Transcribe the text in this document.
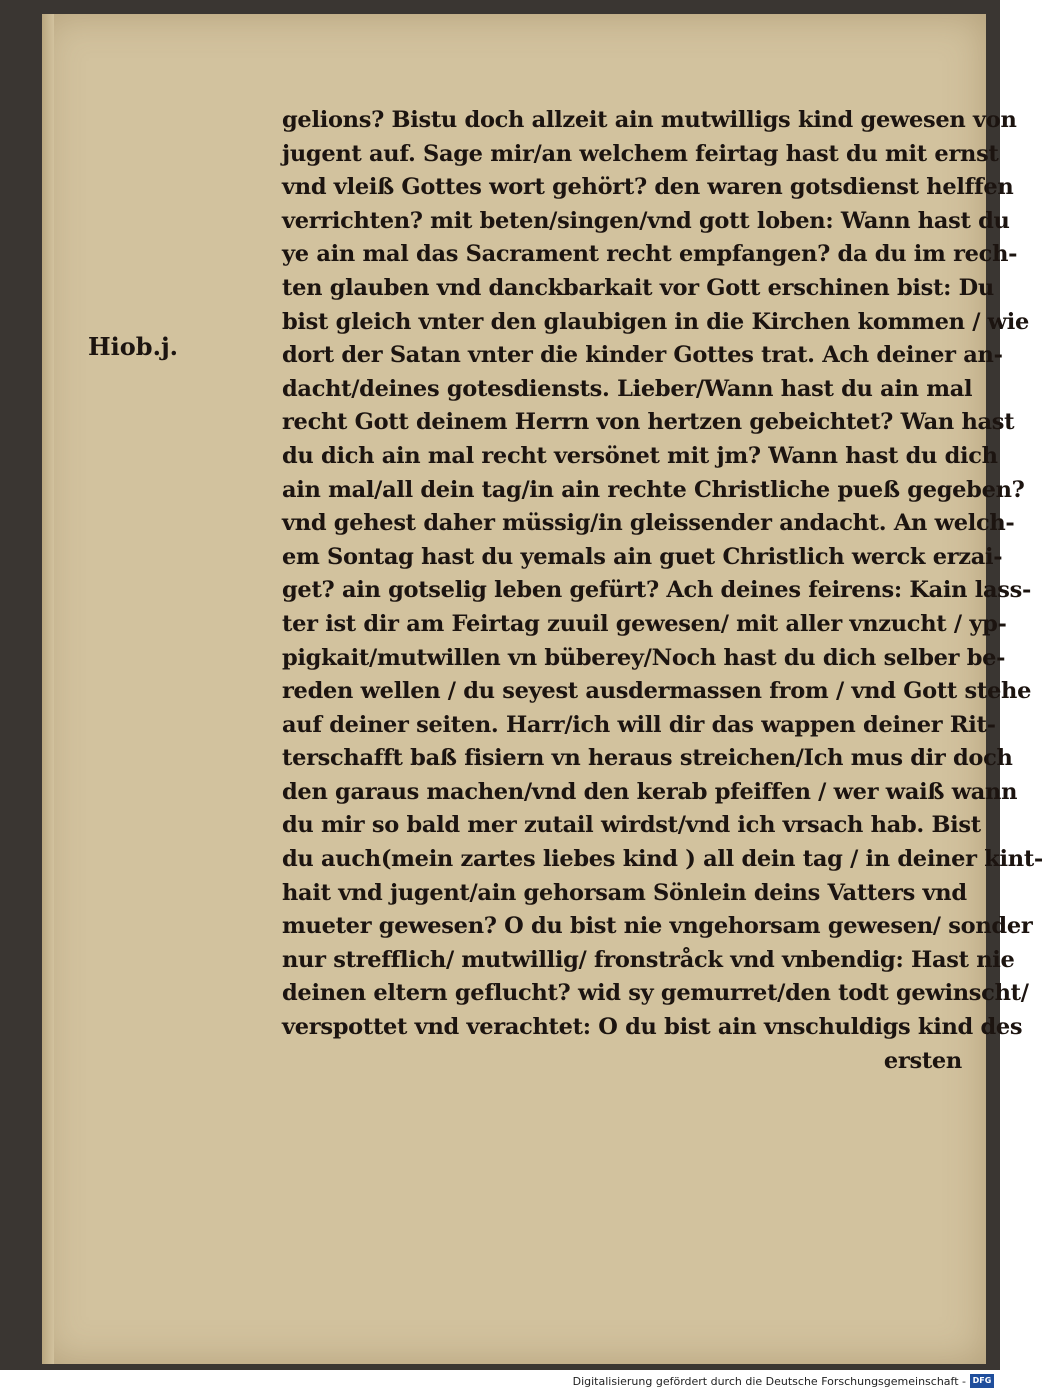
Hiob.j.
gelions? Bistu doch allzeit ain mutwilligs kind gewesen von
jugent auf. Sage mir/an welchem feirtag hast du mit ernst
vnd vleiß Gottes wort gehört? den waren gotsdienst helffen
verrichten? mit beten/singen/vnd gott loben: Wann hast du
ye ain mal das Sacrament recht empfangen? da du im rech-
ten glauben vnd danckbarkait vor Gott erschinen bist: Du
bist gleich vnter den glaubigen in die Kirchen kommen / wie
dort der Satan vnter die kinder Gottes trat. Ach deiner an-
dacht/deines gotesdiensts. Lieber/Wann hast du ain mal
recht Gott deinem Herrn von hertzen gebeichtet? Wan hast
du dich ain mal recht versönet mit jm? Wann hast du dich
ain mal/all dein tag/in ain rechte Christliche pueß gegeben?
vnd gehest daher müssig/in gleissender andacht. An welch-
em Sontag hast du yemals ain guet Christlich werck erzai-
get? ain gotselig leben gefürt? Ach deines feirens: Kain lass-
ter ist dir am Feirtag zuuil gewesen/ mit aller vnzucht / yp-
pigkait/mutwillen vn büberey/Noch hast du dich selber be-
reden wellen / du seyest ausdermassen from / vnd Gott stehe
auf deiner seiten. Harr/ich will dir das wappen deiner Rit-
terschafft baß fisiern vn heraus streichen/Ich mus dir doch
den garaus machen/vnd den kerab pfeiffen / wer waiß wann
du mir so bald mer zutail wirdst/vnd ich vrsach hab. Bist
du auch(mein zartes liebes kind ) all dein tag / in deiner kint-
hait vnd jugent/ain gehorsam Sönlein deins Vatters vnd
mueter gewesen? O du bist nie vngehorsam gewesen/ sonder
nur strefflich/ mutwillig/ fronstråck vnd vnbendig: Hast nie
deinen eltern geflucht? wid sy gemurret/den todt gewinscht/
verspottet vnd verachtet: O du bist ain vnschuldigs kind des
ersten
Digitalisierung gefördert durch die Deutsche Forschungsgemeinschaft - DFG
